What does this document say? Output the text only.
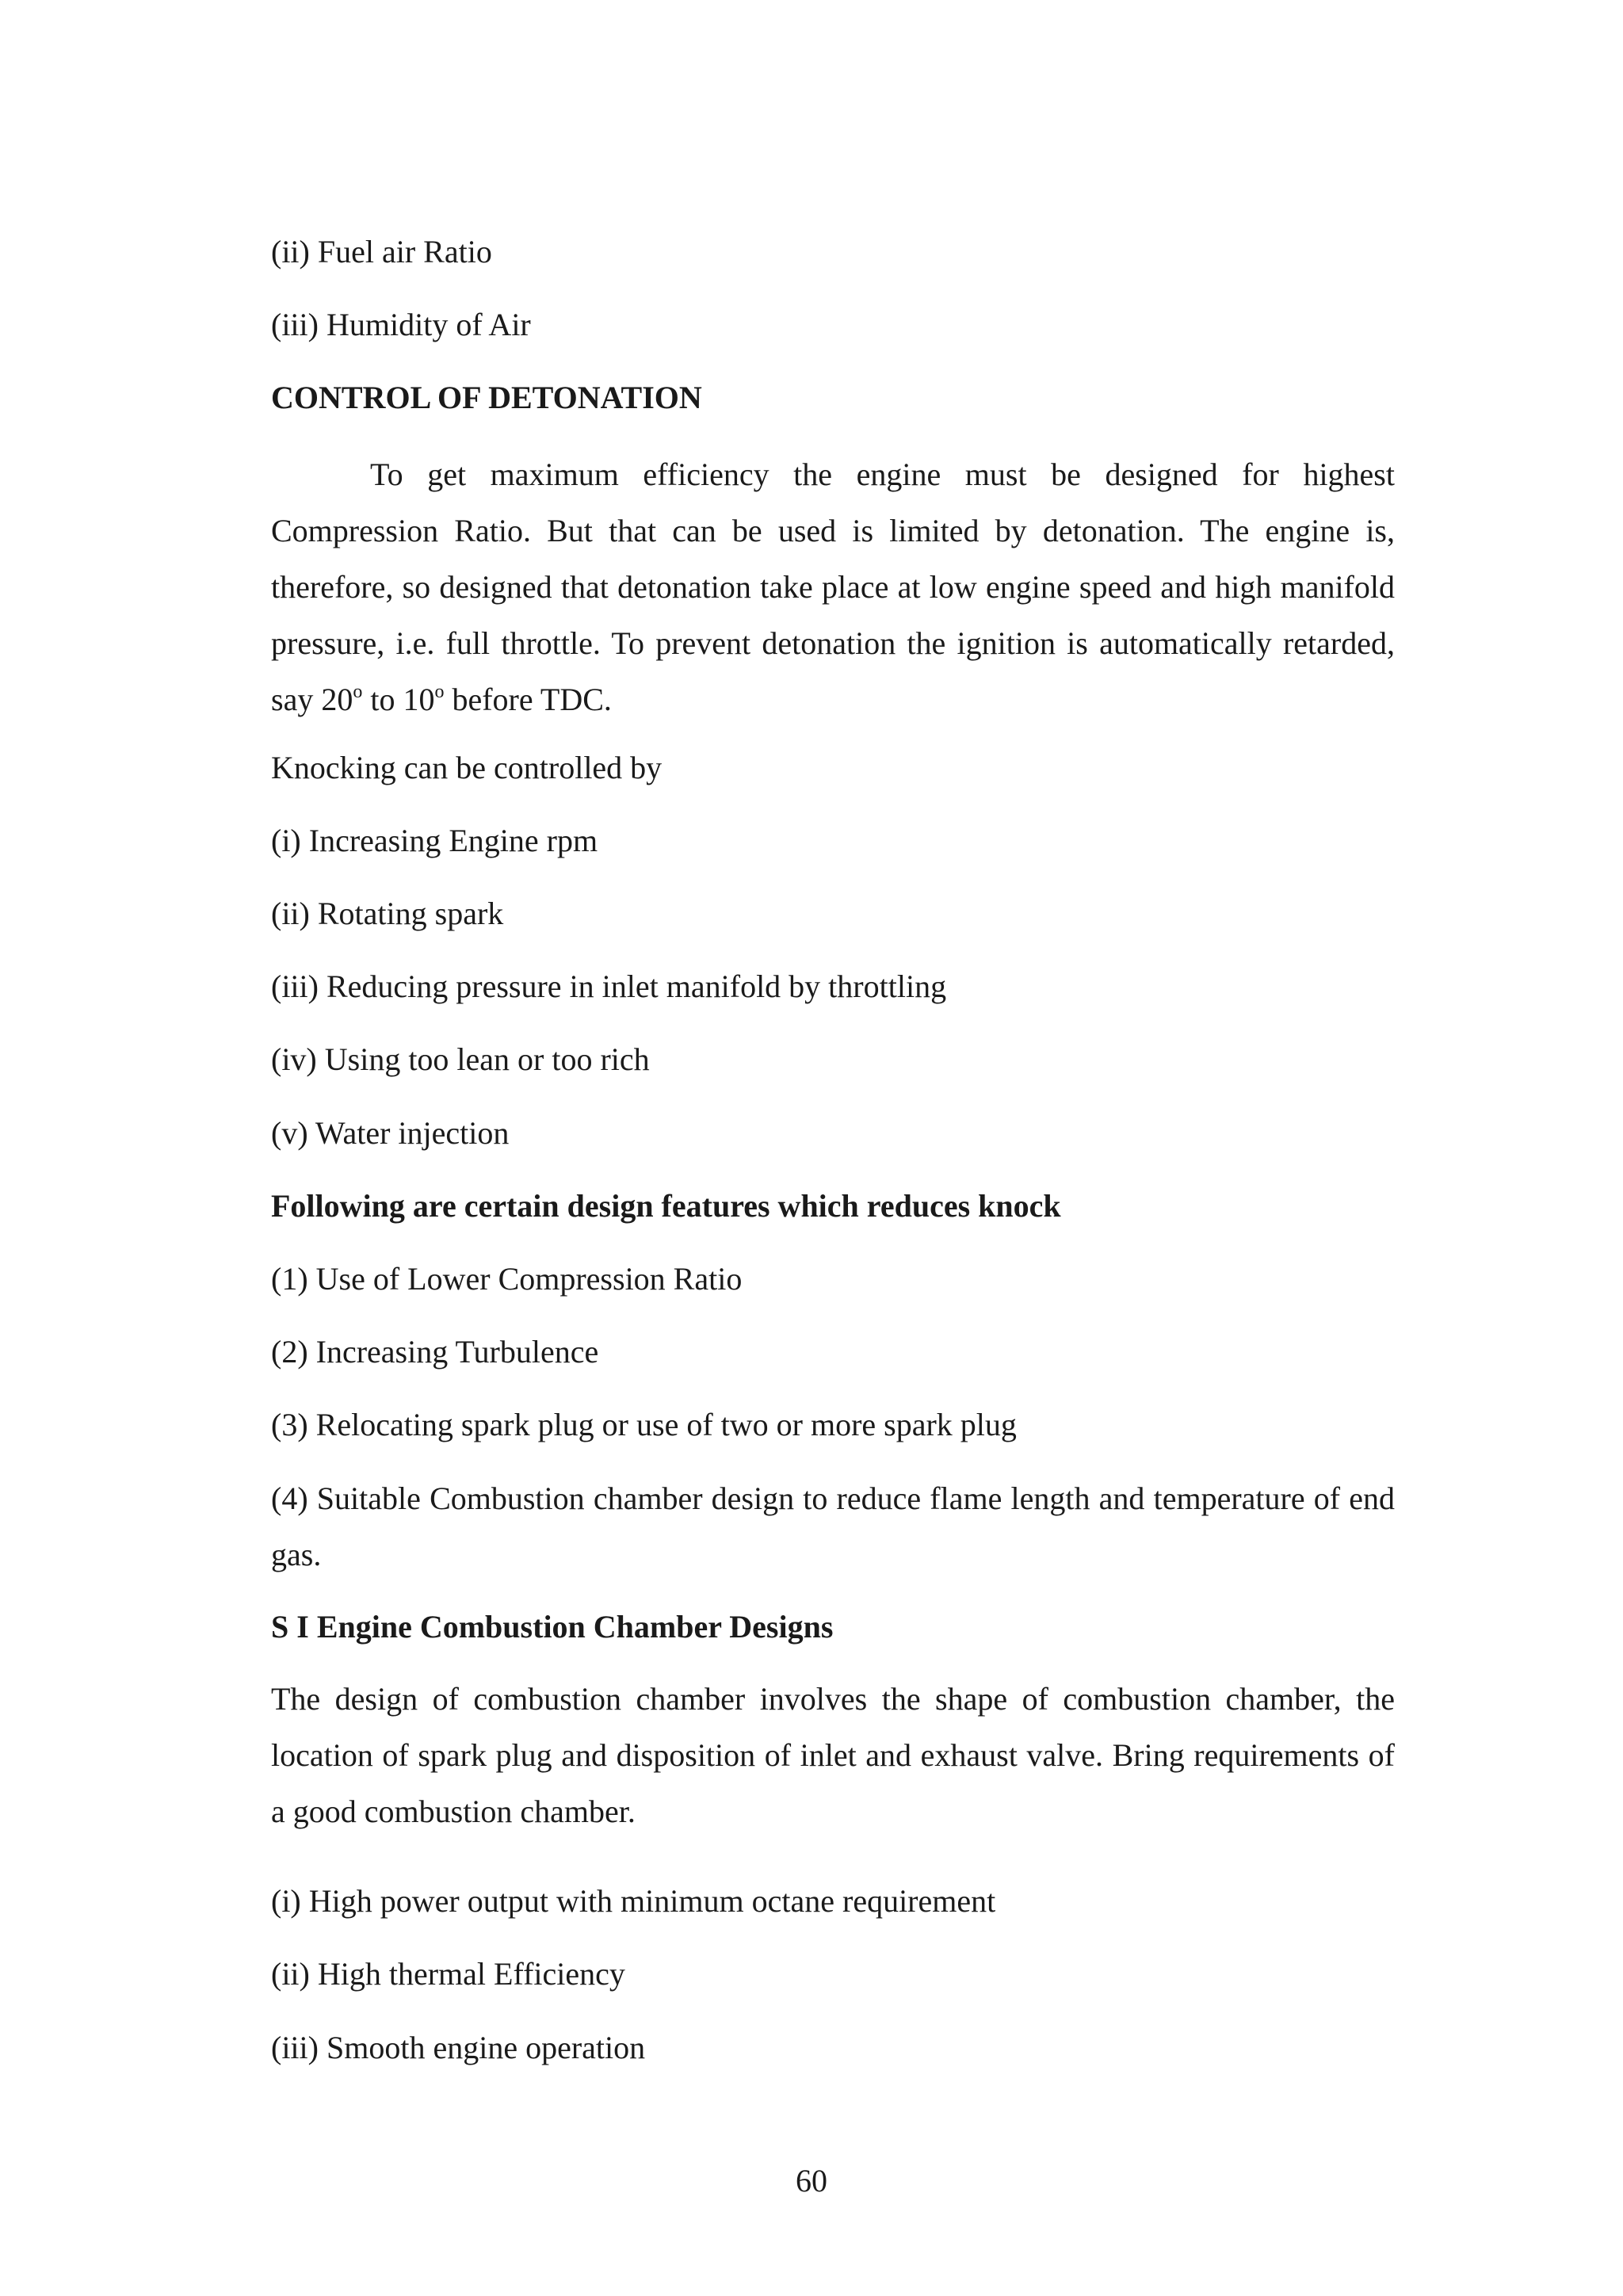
(ii) Fuel air Ratio
(iii) Humidity of Air
CONTROL OF DETONATION
To get maximum efficiency the engine must be designed for highest Compression Ratio. But that can be used is limited by detonation. The engine is, therefore, so designed that detonation take place at low engine speed and high manifold pressure, i.e. full throttle. To prevent detonation the ignition is automatically retarded, say 20$^o$ to 10$^o$ before TDC.
Knocking can be controlled by
(i) Increasing Engine rpm
(ii) Rotating spark
(iii) Reducing pressure in inlet manifold by throttling
(iv) Using too lean or too rich
(v) Water injection
Following are certain design features which reduces knock
(1) Use of Lower Compression Ratio
(2) Increasing Turbulence
(3) Relocating spark plug or use of two or more spark plug
(4) Suitable Combustion chamber design to reduce flame length and temperature of end gas.
S I Engine Combustion Chamber Designs
The design of combustion chamber involves the shape of combustion chamber, the location of spark plug and disposition of inlet and exhaust valve. Bring requirements of a good combustion chamber.
(i) High power output with minimum octane requirement
(ii) High thermal Efficiency
(iii) Smooth engine operation
60
